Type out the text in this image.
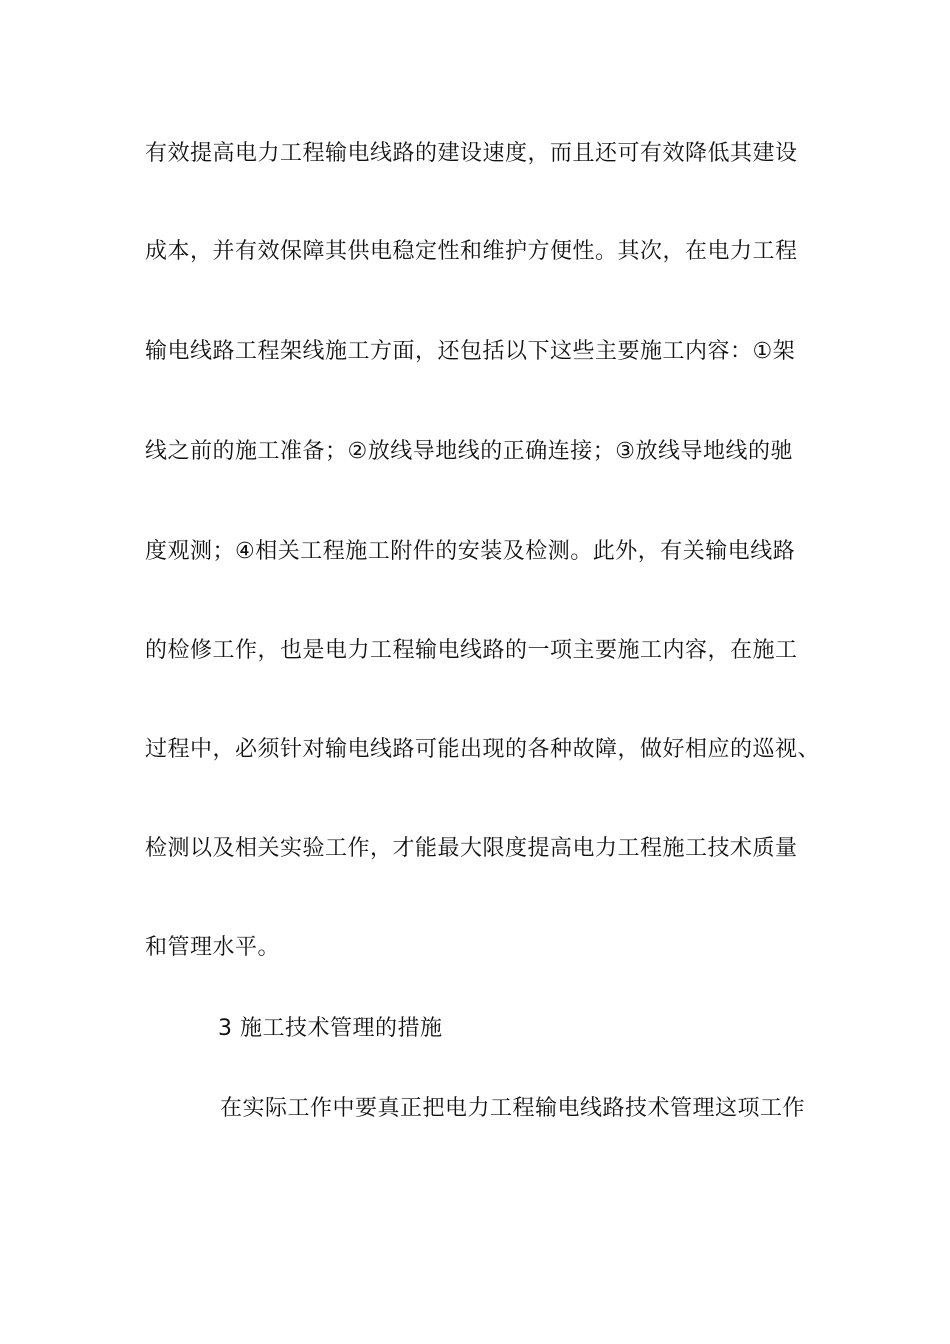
有效提高电力工程输电线路的建设速度，而且还可有效降低其建设
成本，并有效保障其供电稳定性和维护方便性。其次，在电力工程
输电线路工程架线施工方面，还包括以下这些主要施工内容：①架
线之前的施工准备；②放线导地线的正确连接；③放线导地线的驰
度观测；④相关工程施工附件的安装及检测。此外，有关输电线路
的检修工作，也是电力工程输电线路的一项主要施工内容，在施工
过程中，必须针对输电线路可能出现的各种故障，做好相应的巡视、
检测以及相关实验工作，才能最大限度提高电力工程施工技术质量
和管理水平。
3 施工技术管理的措施
在实际工作中要真正把电力工程输电线路技术管理这项工作
